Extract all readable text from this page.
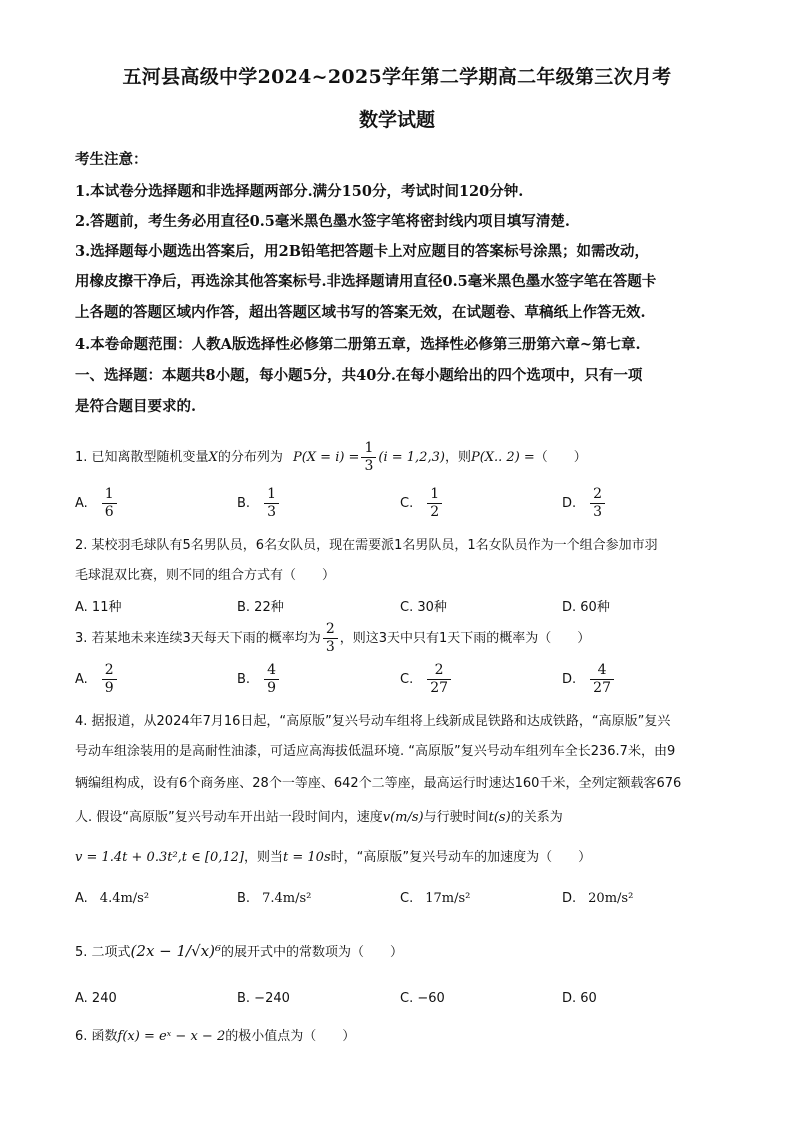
五河县高级中学2024~2025学年第二学期高二年级第三次月考
数学试题
考生注意：
1.本试卷分选择题和非选择题两部分.满分150分，考试时间120分钟.
2.答题前，考生务必用直径0.5毫米黑色墨水签字笔将密封线内项目填写清楚.
3.选择题每小题选出答案后，用2B铅笔把答题卡上对应题目的答案标号涂黑；如需改动，
用橡皮擦干净后，再选涂其他答案标号.非选择题请用直径0.5毫米黑色墨水签字笔在答题卡
上各题的答题区域内作答，超出答题区域书写的答案无效，在试题卷、草稿纸上作答无效.
4.本卷命题范围：人教A版选择性必修第二册第五章，选择性必修第三册第六章~第七章.
一、选择题：本题共8小题，每小题5分，共40分.在每小题给出的四个选项中，只有一项
是符合题目要求的.
1. 已知离散型随机变量X的分布列为 $P(X = i) = \frac{1}{3} (i = 1,2,3)$，则P(X.. 2) =（　　）
A. $\frac{1}{6}$	B. $\frac{1}{3}$	C. $\frac{1}{2}$	D. $\frac{2}{3}$
2. 某校羽毛球队有5名男队员，6名女队员，现在需要派1名男队员，1名女队员作为一个组合参加市羽
毛球混双比赛，则不同的组合方式有（　　）
A. 11种	B. 22种	C. 30种	D. 60种
3. 若某地未来连续3天每天下雨的概率均为 $\frac{2}{3}$ ，则这3天中只有1天下雨的概率为（　　）
A. $\frac{2}{9}$	B. $\frac{4}{9}$	C. $\frac{2}{27}$	D. $\frac{4}{27}$
4. 据报道，从2024年7月16日起，“高原版”复兴号动车组将上线新成昆铁路和达成铁路，“高原版”复兴
号动车组涂装用的是高耐性油漆，可适应高海拔低温环境. “高原版”复兴号动车组列车全长236.7米，由9
辆编组构成，设有6个商务座、28个一等座、642个二等座，最高运行时速达160千米，全列定额载客676
人. 假设“高原版”复兴号动车开出站一段时间内，速度v(m/s)与行驶时间t(s)的关系为
v = 1.4t + 0.3t²,t ∈ [0,12]，则当t = 10s时，“高原版”复兴号动车的加速度为（　　）
A. 4.4m/s²	B. 7.4m/s²	C. 17m/s²	D. 20m/s²
5. 二项式(2x − 1/√x)⁶的展开式中的常数项为（　　）
A. 240	B. −240	C. −60	D. 60
6. 函数f(x) = eˣ − x − 2的极小值点为（　　）
